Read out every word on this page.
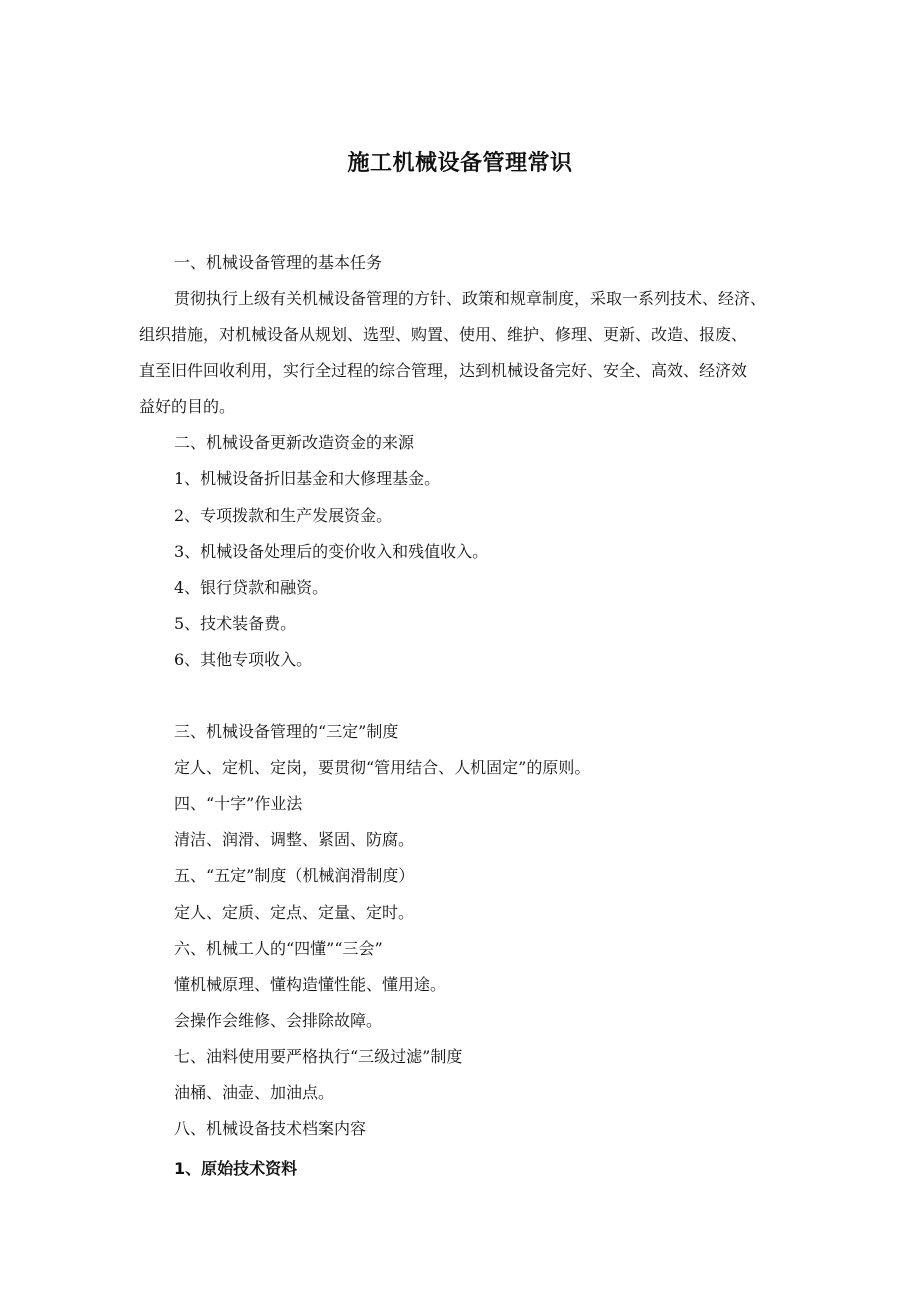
施工机械设备管理常识
一、机械设备管理的基本任务
贯彻执行上级有关机械设备管理的方针、政策和规章制度，采取一系列技术、经济、
组织措施，对机械设备从规划、选型、购置、使用、维护、修理、更新、改造、报废、
直至旧件回收利用，实行全过程的综合管理，达到机械设备完好、安全、高效、经济效
益好的目的。
二、机械设备更新改造资金的来源
1、机械设备折旧基金和大修理基金。
2、专项拨款和生产发展资金。
3、机械设备处理后的变价收入和残值收入。
4、银行贷款和融资。
5、技术装备费。
6、其他专项收入。
三、机械设备管理的“三定”制度
定人、定机、定岗，要贯彻“管用结合、人机固定”的原则。
四、“十字”作业法
清洁、润滑、调整、紧固、防腐。
五、“五定”制度（机械润滑制度）
定人、定质、定点、定量、定时。
六、机械工人的“四懂”“三会”
懂机械原理、懂构造懂性能、懂用途。
会操作会维修、会排除故障。
七、油料使用要严格执行“三级过滤”制度
油桶、油壶、加油点。
八、机械设备技术档案内容
1、原始技术资料
